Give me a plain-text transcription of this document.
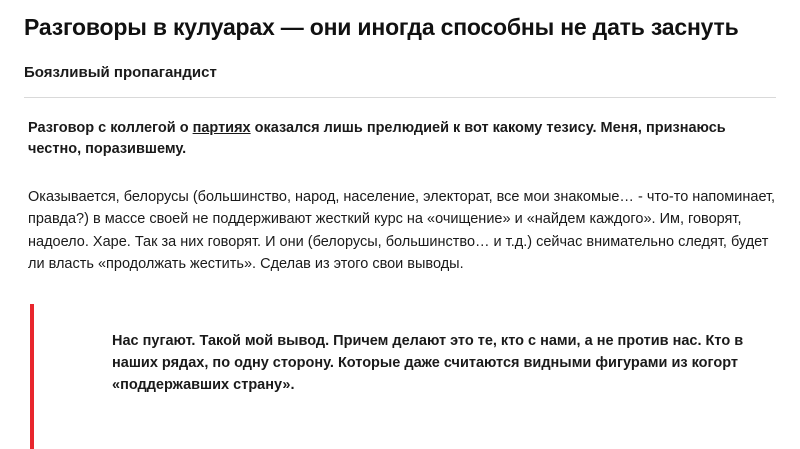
Разговоры в кулуарах — они иногда способны не дать заснуть
Боязливый пропагандист

Разговор с коллегой о партиях оказался лишь прелюдией к вот какому тезису. Меня, признаюсь честно, поразившему.

Оказывается, белорусы (большинство, народ, население, электорат, все мои знакомые… - что-то напоминает, правда?) в массе своей не поддерживают жесткий курс на «очищение» и «найдем каждого». Им, говорят, надоело. Харе. Так за них говорят. И они (белорусы, большинство… и т.д.) сейчас внимательно следят, будет ли власть «продолжать жестить». Сделав из этого свои выводы.

Нас пугают. Такой мой вывод. Причем делают это те, кто с нами, а не против нас. Кто в наших рядах, по одну сторону. Которые даже считаются видными фигурами из когорт «поддержавших страну».
